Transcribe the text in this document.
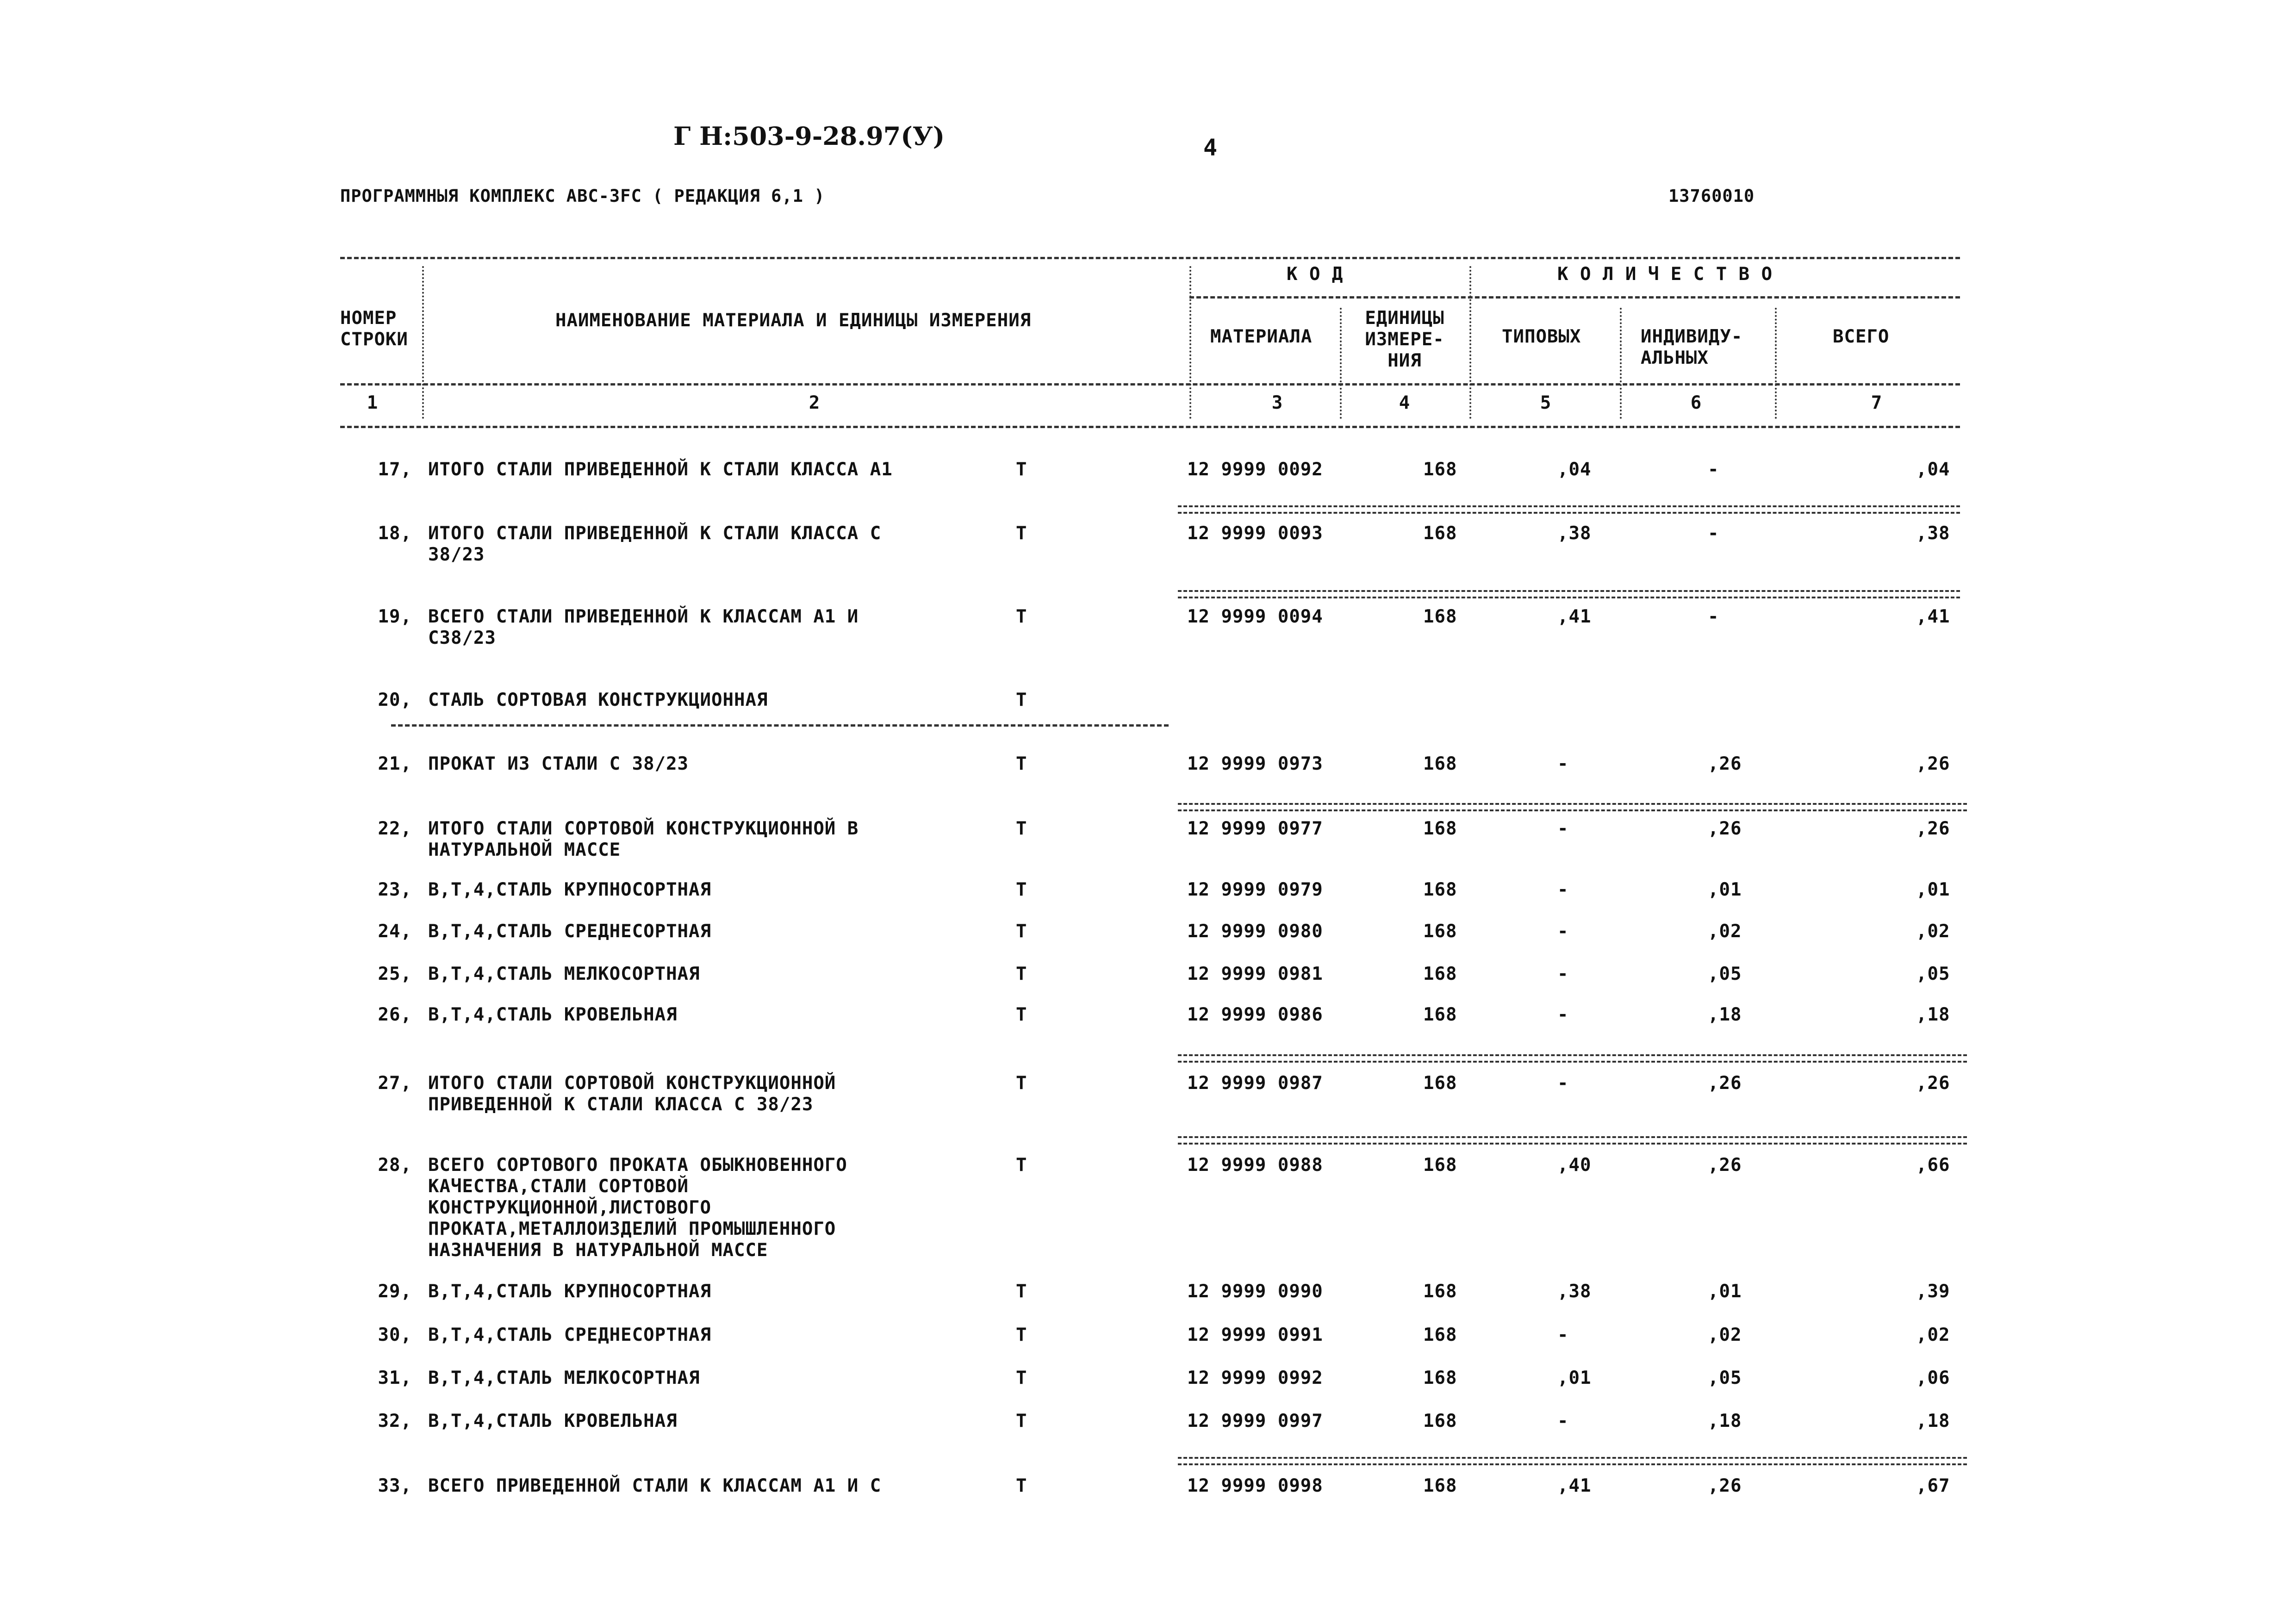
Г Н:503-9-28.97(У)	4
ПРОГРАММНЫЯ КОМПЛЕКС АВС-ЗFС ( РЕДАКЦИЯ 6,1 )	13760010
НОМЕР
СТРОКИ
НАИМЕНОВАНИЕ МАТЕРИАЛА И ЕДИНИЦЫ ИЗМЕРЕНИЯ
К О Д	К О Л И Ч Е С Т В О
МАТЕРИАЛА
ЕДИНИЦЫ
ИЗМЕРЕ-
НИЯ
ТИПОВЫХ	ИНДИВИДУ-
АЛЬНЫХ
ВСЕГО
1	2	3	4	5	6	7
17, ИТОГО СТАЛИ ПРИВЕДЕННОЙ К СТАЛИ КЛАССА А1	Т	12 9999 0092	168	,04	-	,04
18, ИТОГО СТАЛИ ПРИВЕДЕННОЙ К СТАЛИ КЛАССА С
38/23
Т	12 9999 0093	168	,38	-	,38
19, ВСЕГО СТАЛИ ПРИВЕДЕННОЙ К КЛАССАМ А1 И
С38/23
Т	12 9999 0094	168	,41	-	,41
20, СТАЛЬ СОРТОВАЯ КОНСТРУКЦИОННАЯ	Т
21, ПРОКАТ ИЗ СТАЛИ С 38/23	Т	12 9999 0973	168	-	,26	,26
22, ИТОГО СТАЛИ СОРТОВОЙ КОНСТРУКЦИОННОЙ В
НАТУРАЛЬНОЙ МАССЕ
Т	12 9999 0977	168	-	,26	,26
23, В,Т,4,СТАЛЬ КРУПНОСОРТНАЯ	Т	12 9999 0979	168	-	,01	,01
24, В,Т,4,СТАЛЬ СРЕДНЕСОРТНАЯ	Т	12 9999 0980	168	-	,02	,02
25, В,Т,4,СТАЛЬ МЕЛКОСОРТНАЯ	Т	12 9999 0981	168	-	,05	,05
26, В,Т,4,СТАЛЬ КРОВЕЛЬНАЯ	Т	12 9999 0986	168	-	,18	,18
27, ИТОГО СТАЛИ СОРТОВОЙ КОНСТРУКЦИОННОЙ
ПРИВЕДЕННОЙ К СТАЛИ КЛАССА С 38/23
Т	12 9999 0987	168	-	,26	,26
28, ВСЕГО СОРТОВОГО ПРОКАТА ОБЫКНОВЕННОГО
КАЧЕСТВА,СТАЛИ СОРТОВОЙ
КОНСТРУКЦИОННОЙ,ЛИСТОВОГО
ПРОКАТА,МЕТАЛЛОИЗДЕЛИЙ ПРОМЫШЛЕННОГО
НАЗНАЧЕНИЯ В НАТУРАЛЬНОЙ МАССЕ
Т	12 9999 0988	168	,40	,26	,66
29, В,Т,4,СТАЛЬ КРУПНОСОРТНАЯ	Т	12 9999 0990	168	,38	,01	,39
30, В,Т,4,СТАЛЬ СРЕДНЕСОРТНАЯ	Т	12 9999 0991	168	-	,02	,02
31, В,Т,4,СТАЛЬ МЕЛКОСОРТНАЯ	Т	12 9999 0992	168	,01	,05	,06
32, В,Т,4,СТАЛЬ КРОВЕЛЬНАЯ	Т	12 9999 0997	168	-	,18	,18
33, ВСЕГО ПРИВЕДЕННОЙ СТАЛИ К КЛАССАМ А1 И С	Т	12 9999 0998	168	,41	,26	,67
